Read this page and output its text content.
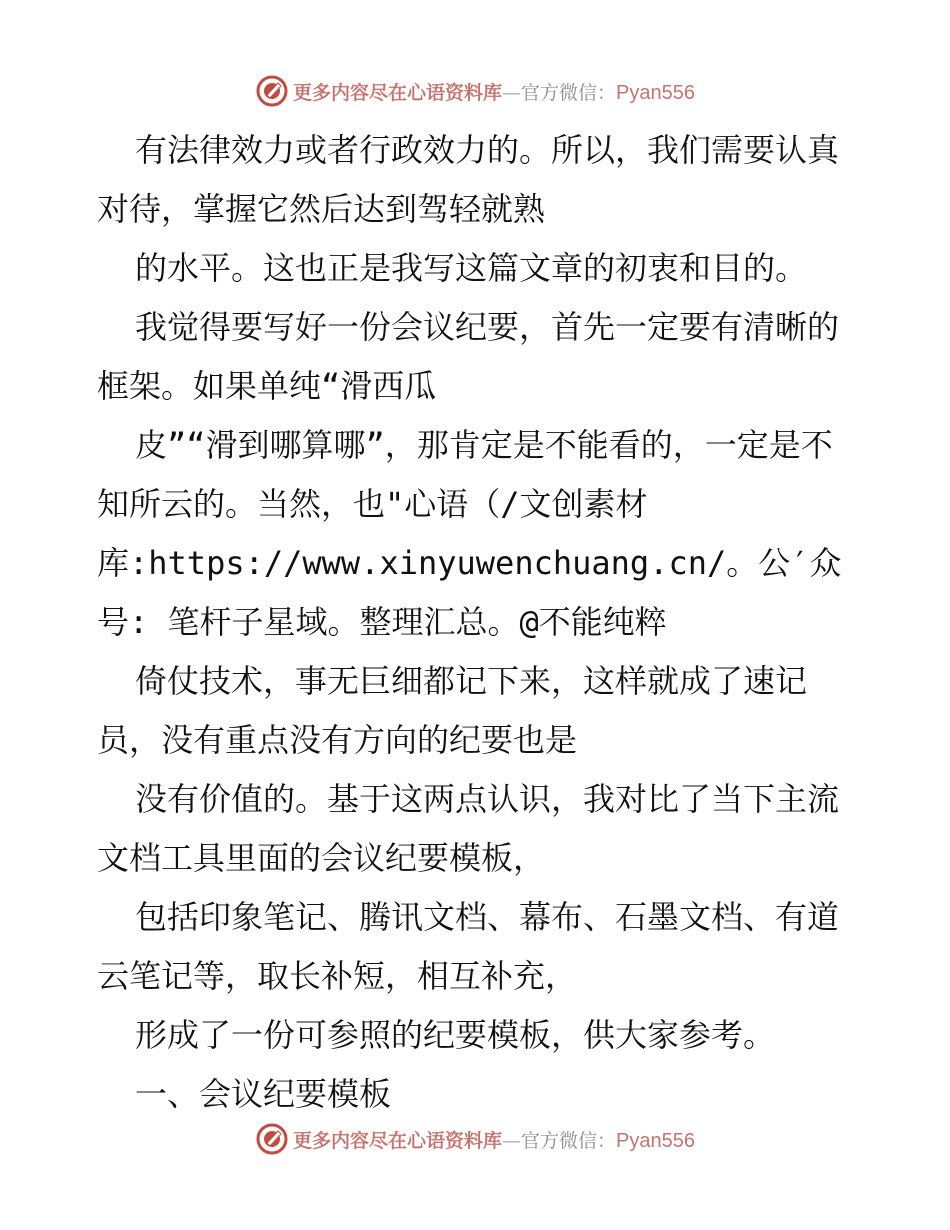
更多内容尽在心语资料库—官方微信：Pyan556

有法律效力或者行政效力的。所以，我们需要认真对待，掌握它然后达到驾轻就熟

的水平。这也正是我写这篇文章的初衷和目的。

我觉得要写好一份会议纪要，首先一定要有清晰的框架。如果单纯“滑西瓜

皮”“滑到哪算哪”，那肯定是不能看的，一定是不知所云的。当然，也"心语（/文创素材库:https://www.xinyuwenchuang.cn/。公′众号: 笔杆子星域。整理汇总。@不能纯粹

倚仗技术，事无巨细都记下来，这样就成了速记员，没有重点没有方向的纪要也是

没有价值的。基于这两点认识，我对比了当下主流文档工具里面的会议纪要模板，

包括印象笔记、腾讯文档、幕布、石墨文档、有道云笔记等，取长补短，相互补充，

形成了一份可参照的纪要模板，供大家参考。

一、会议纪要模板

更多内容尽在心语资料库—官方微信：Pyan556
